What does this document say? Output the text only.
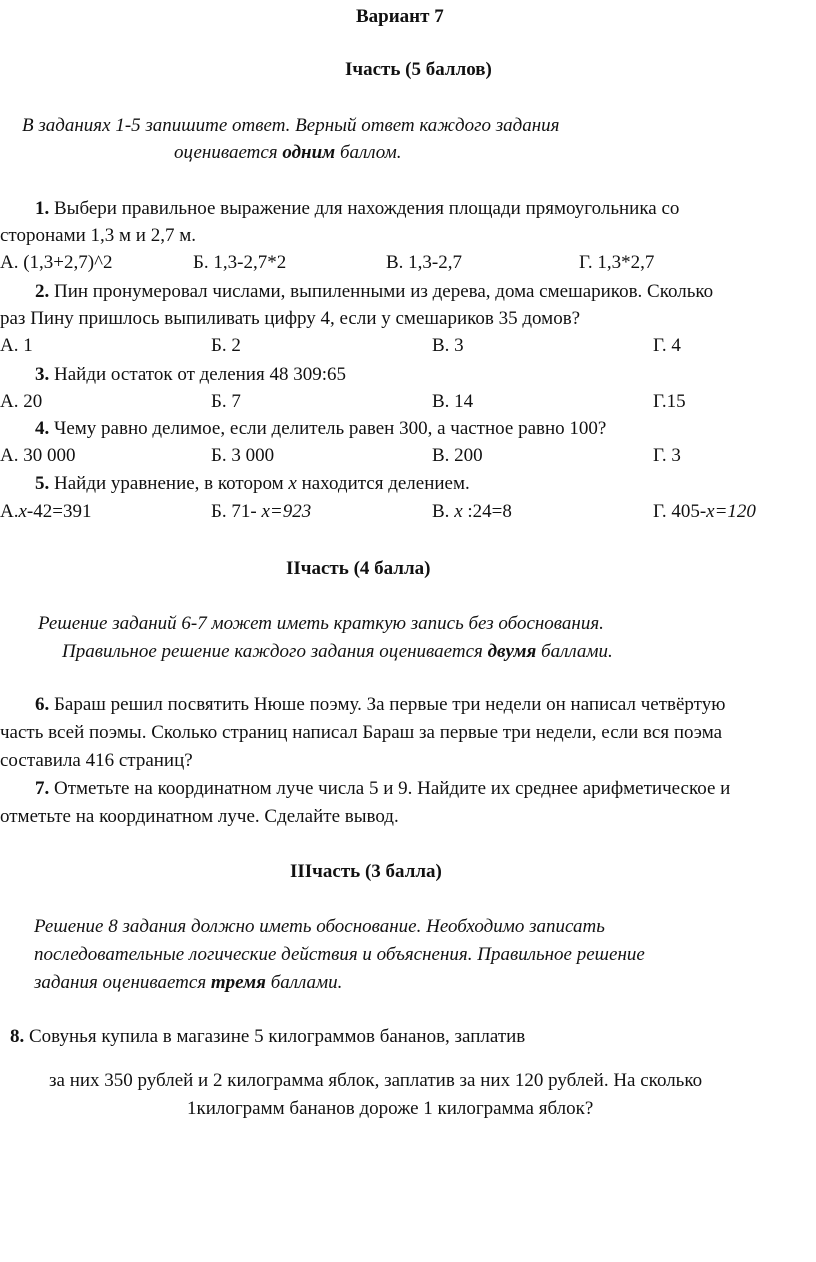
Вариант 7
Iчасть (5 баллов)
В заданиях 1-5 запишите ответ. Верный ответ каждого задания
оценивается одним баллом.
1. Выбери правильное выражение для нахождения площади прямоугольника со
сторонами 1,3 м и 2,7 м.
А. (1,3+2,7)^2	Б. 1,3-2,7*2	В. 1,3-2,7	Г. 1,3*2,7
2. Пин пронумеровал числами, выпиленными из дерева, дома смешариков. Сколько
раз Пину пришлось выпиливать цифру 4, если у смешариков 35 домов?
А. 1	Б. 2	В. 3	Г. 4
3. Найди остаток от деления 48 309:65
А. 20	Б. 7	В. 14	Г.15
4. Чему равно делимое, если делитель равен 300, а частное равно 100?
А. 30 000	Б. 3 000	В. 200	Г. 3
5. Найди уравнение, в котором х находится делением.
А.х-42=391	Б. 71- х=923	В. х :24=8	Г. 405-х=120
IIчасть (4 балла)
Решение заданий 6-7 может иметь краткую запись без обоснования.
Правильное решение каждого задания оценивается двумя баллами.
6. Бараш решил посвятить Нюше поэму. За первые три недели он написал четвёртую
часть всей поэмы. Сколько страниц написал Бараш за первые три недели, если вся поэма
составила 416 страниц?
7. Отметьте на координатном луче числа 5 и 9. Найдите их среднее арифметическое и
отметьте на координатном луче. Сделайте вывод.
IIIчасть (3 балла)
Решение 8 задания должно иметь обоснование. Необходимо записать
последовательные логические действия и объяснения. Правильное решение
задания оценивается тремя баллами.
8. Совунья купила в магазине 5 килограммов бананов, заплатив
за них 350 рублей и 2 килограмма яблок, заплатив за них 120 рублей. На сколько
1килограмм бананов дороже 1 килограмма яблок?
